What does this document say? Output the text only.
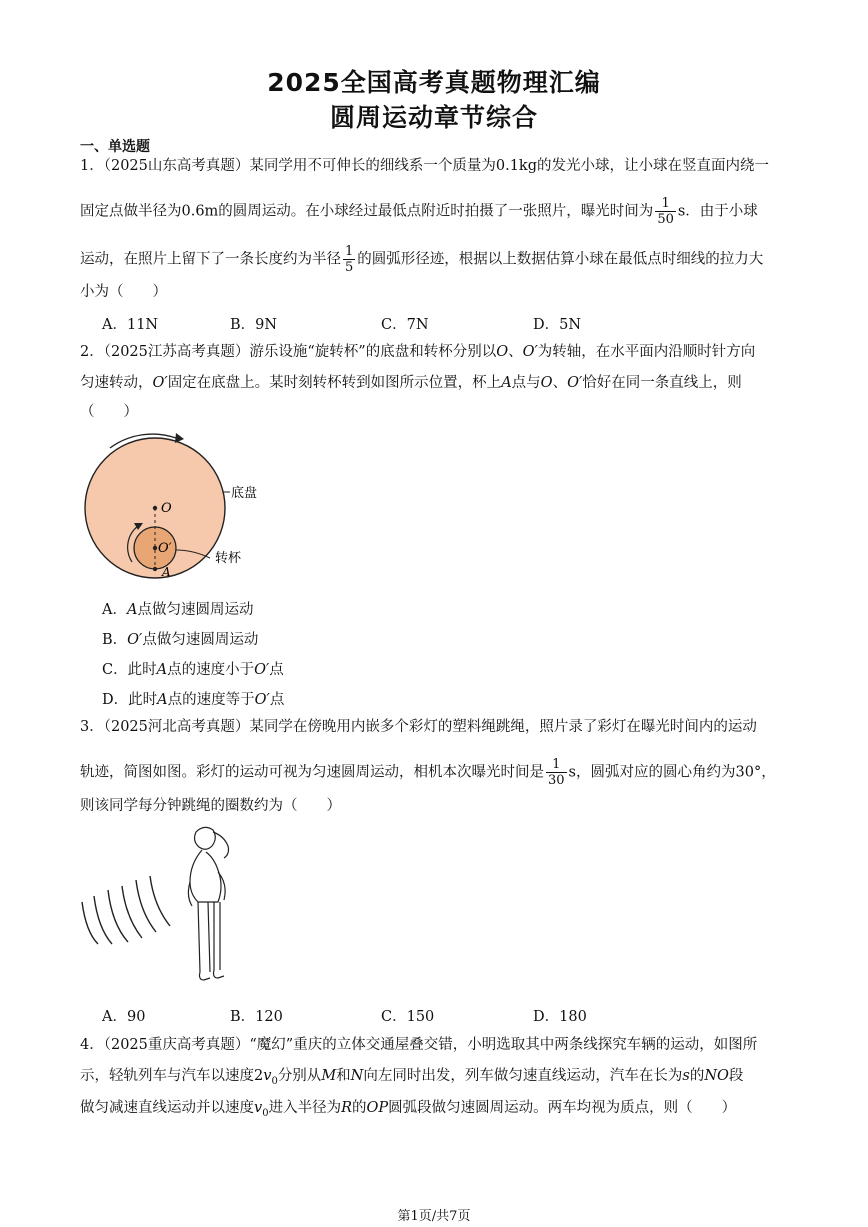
2025全国高考真题物理汇编
圆周运动章节综合
一、单选题
1．（2025山东高考真题）某同学用不可伸长的细线系一个质量为0.1kg的发光小球，让小球在竖直面内绕一
固定点做半径为0.6m的圆周运动。在小球经过最低点附近时拍摄了一张照片，曝光时间为 $\frac{1}{50}$ s．由于小球
运动，在照片上留下了一条长度约为半径 $\frac{1}{5}$ 的圆弧形径迹，根据以上数据估算小球在最低点时细线的拉力大
小为（　　）
A．11N	B．9N	C．7N	D．5N
2．（2025江苏高考真题）游乐设施“旋转杯”的底盘和转杯分别以O、O′为转轴，在水平面内沿顺时针方向
匀速转动，O′固定在底盘上。某时刻转杯转到如图所示位置，杯上A点与O、O′恰好在同一条直线上，则
（　　）
O
O′
A
底盘
转杯
A．A点做匀速圆周运动
B．O′点做匀速圆周运动
C．此时A点的速度小于O′点
D．此时A点的速度等于O′点
3．（2025河北高考真题）某同学在傍晚用内嵌多个彩灯的塑料绳跳绳，照片录了彩灯在曝光时间内的运动
轨迹，简图如图。彩灯的运动可视为匀速圆周运动，相机本次曝光时间是 $\frac{1}{30}$ s，圆弧对应的圆心角约为30°，
则该同学每分钟跳绳的圈数约为（　　）
A．90	B．120	C．150	D．180
4．（2025重庆高考真题）“魔幻”重庆的立体交通屋叠交错，小明选取其中两条线探究车辆的运动，如图所
示，轻轨列车与汽车以速度$2v_0$分别从M和N向左同时出发，列车做匀速直线运动，汽车在长为s的NO段
做匀减速直线运动并以速度$v_0$进入半径为R的OP圆弧段做匀速圆周运动。两车均视为质点，则（　　）
第1页/共7页
